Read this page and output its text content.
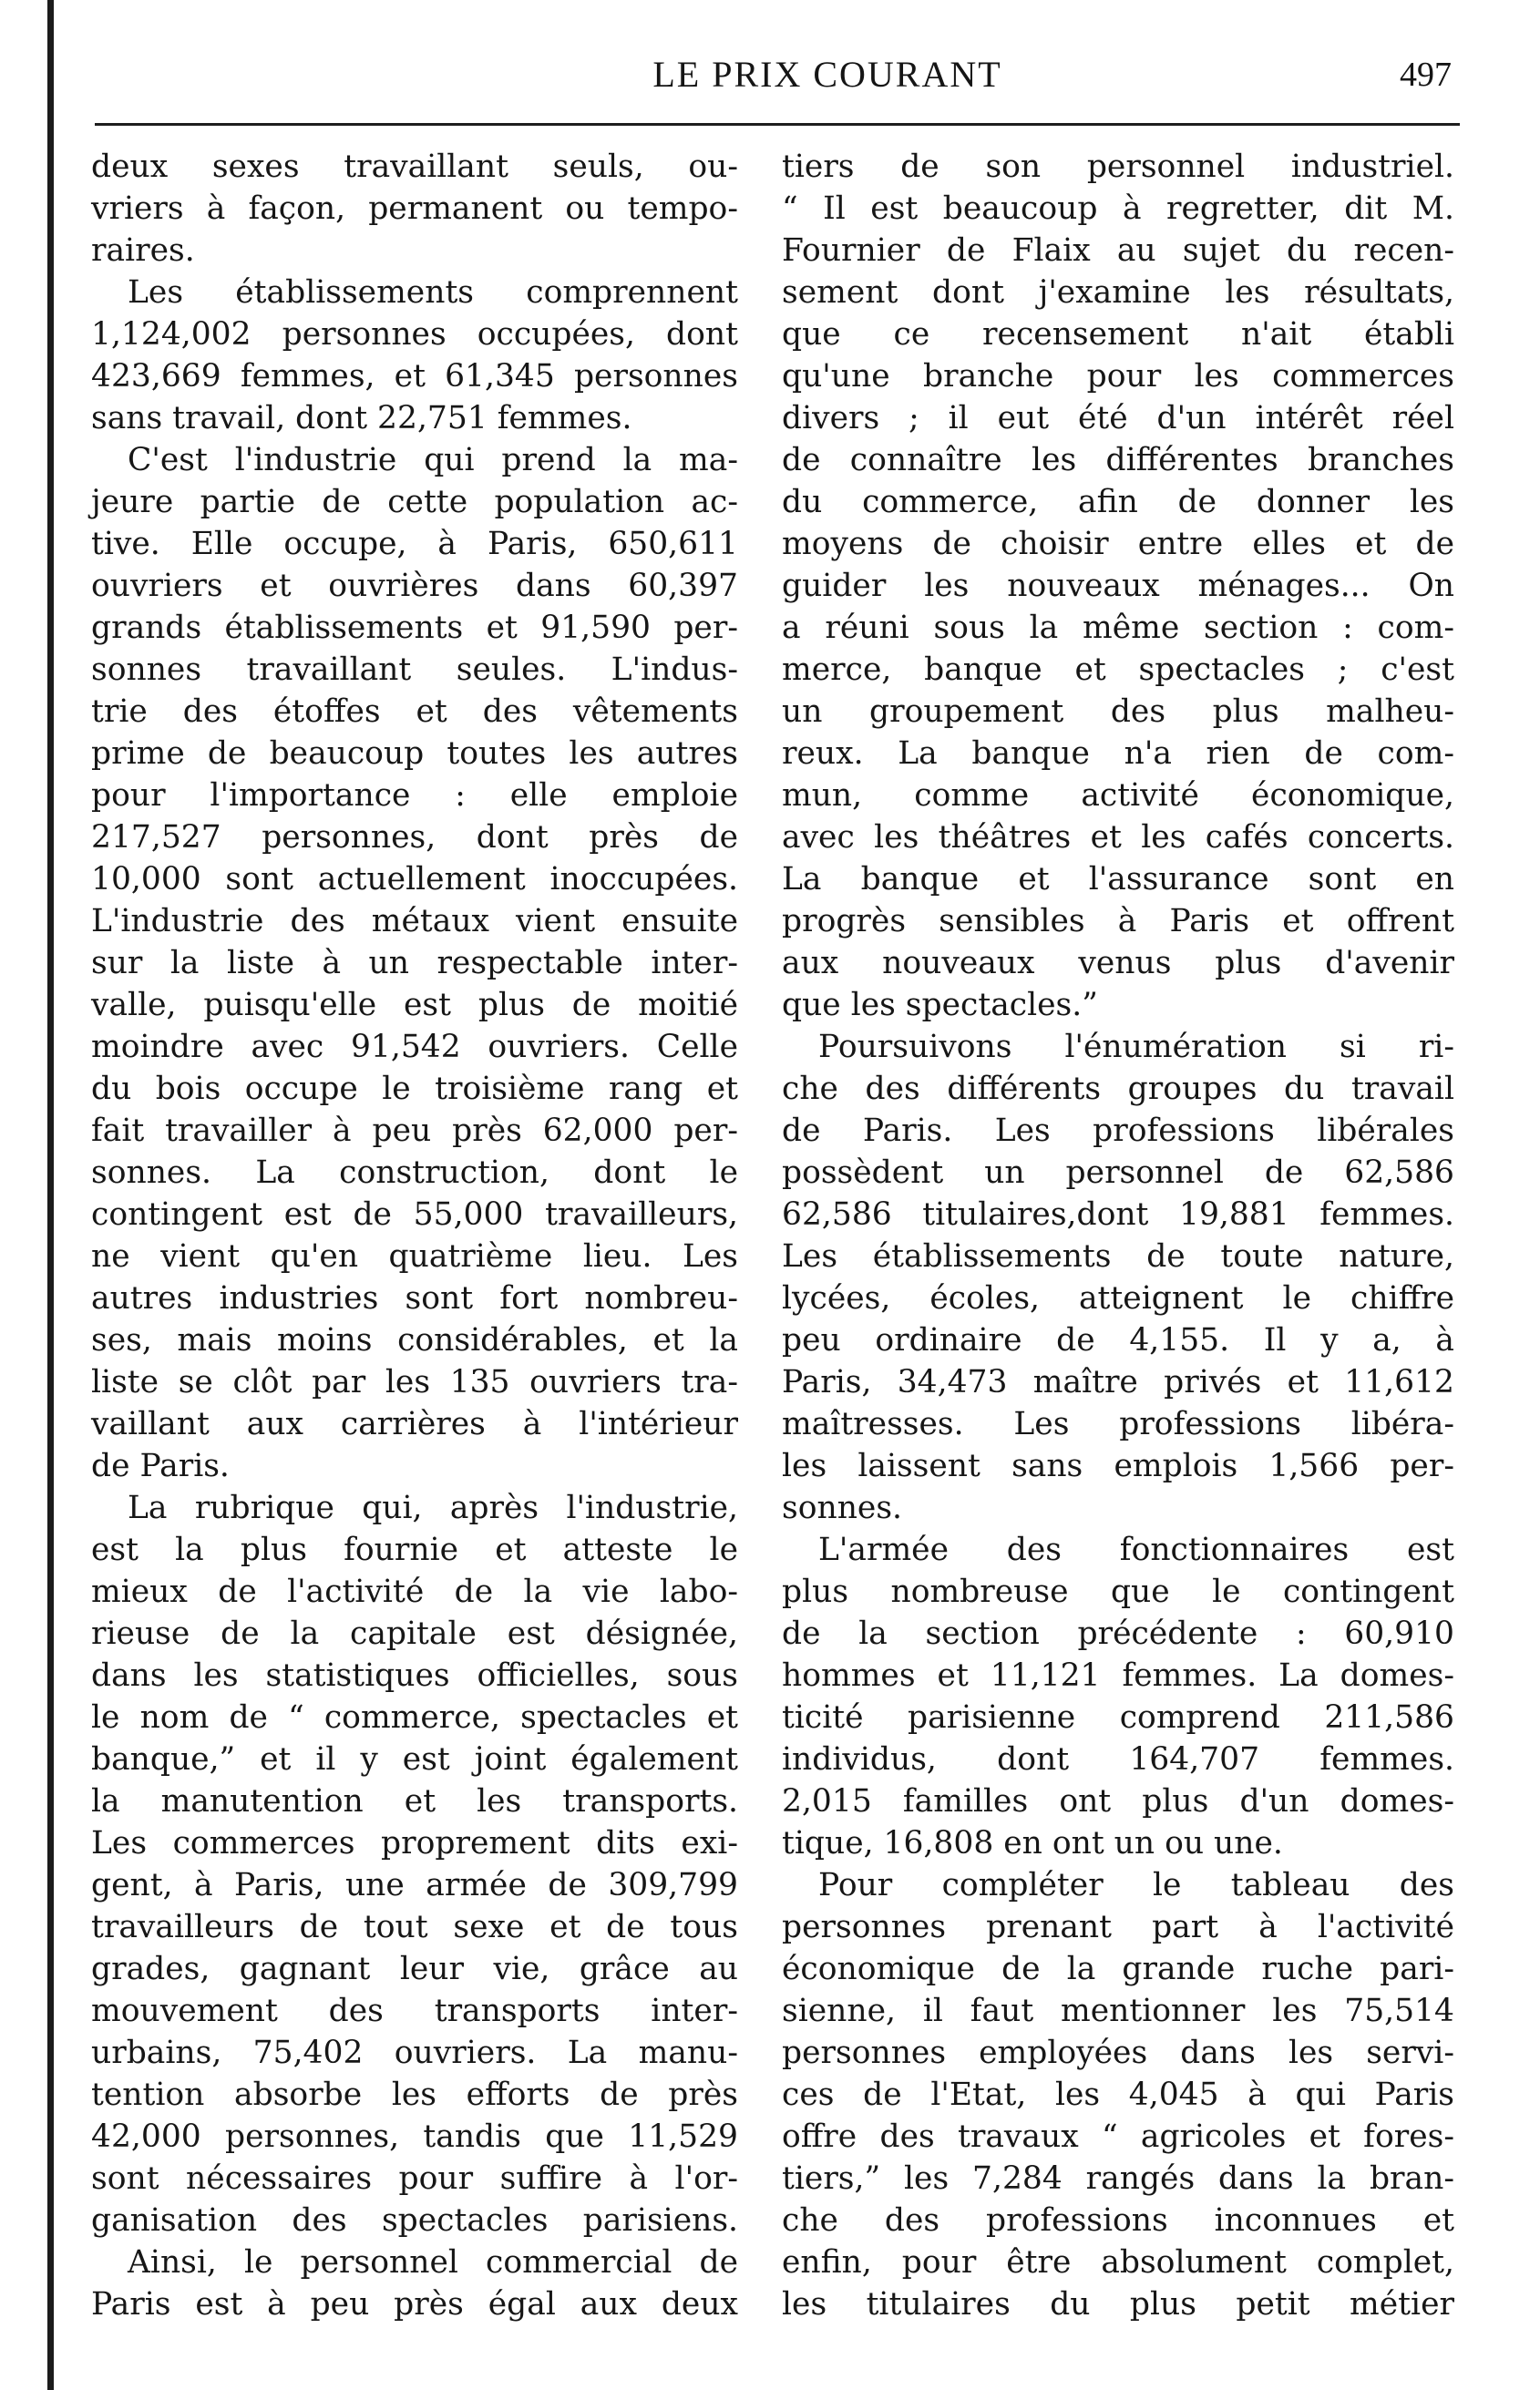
LE PRIX COURANT	497
deux sexes travaillant seuls, ou-
vriers à façon, permanent ou tempo-
raires.
Les établissements comprennent
1,124,002 personnes occupées, dont
423,669 femmes, et 61,345 personnes
sans travail, dont 22,751 femmes.
C'est l'industrie qui prend la ma-
jeure partie de cette population ac-
tive. Elle occupe, à Paris, 650,611
ouvriers et ouvrières dans 60,397
grands établissements et 91,590 per-
sonnes travaillant seules. L'indus-
trie des étoffes et des vêtements
prime de beaucoup toutes les autres
pour l'importance : elle emploie
217,527 personnes, dont près de
10,000 sont actuellement inoccupées.
L'industrie des métaux vient ensuite
sur la liste à un respectable inter-
valle, puisqu'elle est plus de moitié
moindre avec 91,542 ouvriers. Celle
du bois occupe le troisième rang et
fait travailler à peu près 62,000 per-
sonnes. La construction, dont le
contingent est de 55,000 travailleurs,
ne vient qu'en quatrième lieu. Les
autres industries sont fort nombreu-
ses, mais moins considérables, et la
liste se clôt par les 135 ouvriers tra-
vaillant aux carrières à l'intérieur
de Paris.
La rubrique qui, après l'industrie,
est la plus fournie et atteste le
mieux de l'activité de la vie labo-
rieuse de la capitale est désignée,
dans les statistiques officielles, sous
le nom de “ commerce, spectacles et
banque,” et il y est joint également
la manutention et les transports.
Les commerces proprement dits exi-
gent, à Paris, une armée de 309,799
travailleurs de tout sexe et de tous
grades, gagnant leur vie, grâce au
mouvement des transports inter-
urbains, 75,402 ouvriers. La manu-
tention absorbe les efforts de près
42,000 personnes, tandis que 11,529
sont nécessaires pour suffire à l'or-
ganisation des spectacles parisiens.
Ainsi, le personnel commercial de
Paris est à peu près égal aux deux
tiers de son personnel industriel.
“ Il est beaucoup à regretter, dit M.
Fournier de Flaix au sujet du recen-
sement dont j'examine les résultats,
que ce recensement n'ait établi
qu'une branche pour les commerces
divers ; il eut été d'un intérêt réel
de connaître les différentes branches
du commerce, afin de donner les
moyens de choisir entre elles et de
guider les nouveaux ménages... On
a réuni sous la même section : com-
merce, banque et spectacles ; c'est
un groupement des plus malheu-
reux. La banque n'a rien de com-
mun, comme activité économique,
avec les théâtres et les cafés concerts.
La banque et l'assurance sont en
progrès sensibles à Paris et offrent
aux nouveaux venus plus d'avenir
que les spectacles.”
Poursuivons l'énumération si ri-
che des différents groupes du travail
de Paris. Les professions libérales
possèdent un personnel de 62,586
62,586 titulaires,dont 19,881 femmes.
Les établissements de toute nature,
lycées, écoles, atteignent le chiffre
peu ordinaire de 4,155. Il y a, à
Paris, 34,473 maître privés et 11,612
maîtresses. Les professions libéra-
les laissent sans emplois 1,566 per-
sonnes.
L'armée des fonctionnaires est
plus nombreuse que le contingent
de la section précédente : 60,910
hommes et 11,121 femmes. La domes-
ticité parisienne comprend 211,586
individus, dont 164,707 femmes.
2,015 familles ont plus d'un domes-
tique, 16,808 en ont un ou une.
Pour compléter le tableau des
personnes prenant part à l'activité
économique de la grande ruche pari-
sienne, il faut mentionner les 75,514
personnes employées dans les servi-
ces de l'Etat, les 4,045 à qui Paris
offre des travaux “ agricoles et fores-
tiers,” les 7,284 rangés dans la bran-
che des professions inconnues et
enfin, pour être absolument complet,
les titulaires du plus petit métier
